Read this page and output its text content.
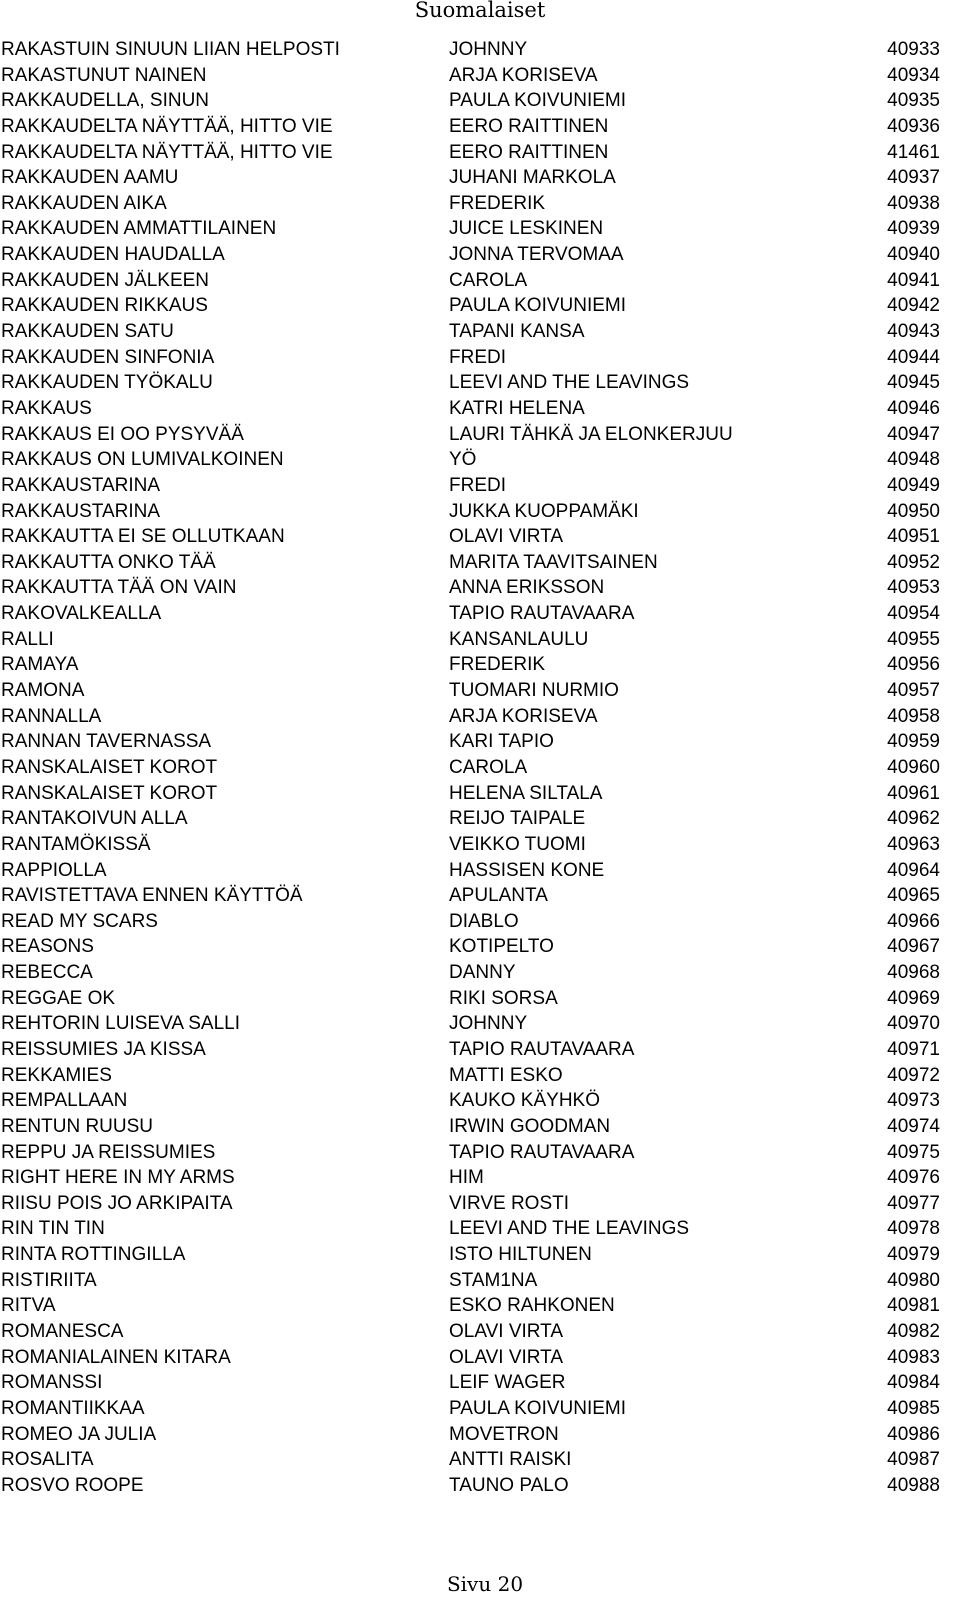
Suomalaiset
RAKASTUIN SINUUN LIIAN HELPOSTI	JOHNNY	40933
RAKASTUNUT NAINEN	ARJA KORISEVA	40934
RAKKAUDELLA, SINUN	PAULA KOIVUNIEMI	40935
RAKKAUDELTA NÄYTTÄÄ, HITTO VIE	EERO RAITTINEN	40936
RAKKAUDELTA NÄYTTÄÄ, HITTO VIE	EERO RAITTINEN	41461
RAKKAUDEN AAMU	JUHANI MARKOLA	40937
RAKKAUDEN AIKA	FREDERIK	40938
RAKKAUDEN AMMATTILAINEN	JUICE LESKINEN	40939
RAKKAUDEN HAUDALLA	JONNA TERVOMAA	40940
RAKKAUDEN JÄLKEEN	CAROLA	40941
RAKKAUDEN RIKKAUS	PAULA KOIVUNIEMI	40942
RAKKAUDEN SATU	TAPANI KANSA	40943
RAKKAUDEN SINFONIA	FREDI	40944
RAKKAUDEN TYÖKALU	LEEVI AND THE LEAVINGS	40945
RAKKAUS	KATRI HELENA	40946
RAKKAUS EI OO PYSYVÄÄ	LAURI TÄHKÄ JA ELONKERJUU	40947
RAKKAUS ON LUMIVALKOINEN	YÖ	40948
RAKKAUSTARINA	FREDI	40949
RAKKAUSTARINA	JUKKA KUOPPAMÄKI	40950
RAKKAUTTA EI SE OLLUTKAAN	OLAVI VIRTA	40951
RAKKAUTTA ONKO TÄÄ	MARITA TAAVITSAINEN	40952
RAKKAUTTA TÄÄ ON VAIN	ANNA ERIKSSON	40953
RAKOVALKEALLA	TAPIO RAUTAVAARA	40954
RALLI	KANSANLAULU	40955
RAMAYA	FREDERIK	40956
RAMONA	TUOMARI NURMIO	40957
RANNALLA	ARJA KORISEVA	40958
RANNAN TAVERNASSA	KARI TAPIO	40959
RANSKALAISET KOROT	CAROLA	40960
RANSKALAISET KOROT	HELENA SILTALA	40961
RANTAKOIVUN ALLA	REIJO TAIPALE	40962
RANTAMÖKISSÄ	VEIKKO TUOMI	40963
RAPPIOLLA	HASSISEN KONE	40964
RAVISTETTAVA ENNEN KÄYTTÖÄ	APULANTA	40965
READ MY SCARS	DIABLO	40966
REASONS	KOTIPELTO	40967
REBECCA	DANNY	40968
REGGAE OK	RIKI SORSA	40969
REHTORIN LUISEVA SALLI	JOHNNY	40970
REISSUMIES JA KISSA	TAPIO RAUTAVAARA	40971
REKKAMIES	MATTI ESKO	40972
REMPALLAAN	KAUKO KÄYHKÖ	40973
RENTUN RUUSU	IRWIN GOODMAN	40974
REPPU JA REISSUMIES	TAPIO RAUTAVAARA	40975
RIGHT HERE IN MY ARMS	HIM	40976
RIISU POIS JO ARKIPAITA	VIRVE ROSTI	40977
RIN TIN TIN	LEEVI AND THE LEAVINGS	40978
RINTA ROTTINGILLA	ISTO HILTUNEN	40979
RISTIRIITA	STAM1NA	40980
RITVA	ESKO RAHKONEN	40981
ROMANESCA	OLAVI VIRTA	40982
ROMANIALAINEN KITARA	OLAVI VIRTA	40983
ROMANSSI	LEIF WAGER	40984
ROMANTIIKKAA	PAULA KOIVUNIEMI	40985
ROMEO JA JULIA	MOVETRON	40986
ROSALITA	ANTTI RAISKI	40987
ROSVO ROOPE	TAUNO PALO	40988
Sivu 20
